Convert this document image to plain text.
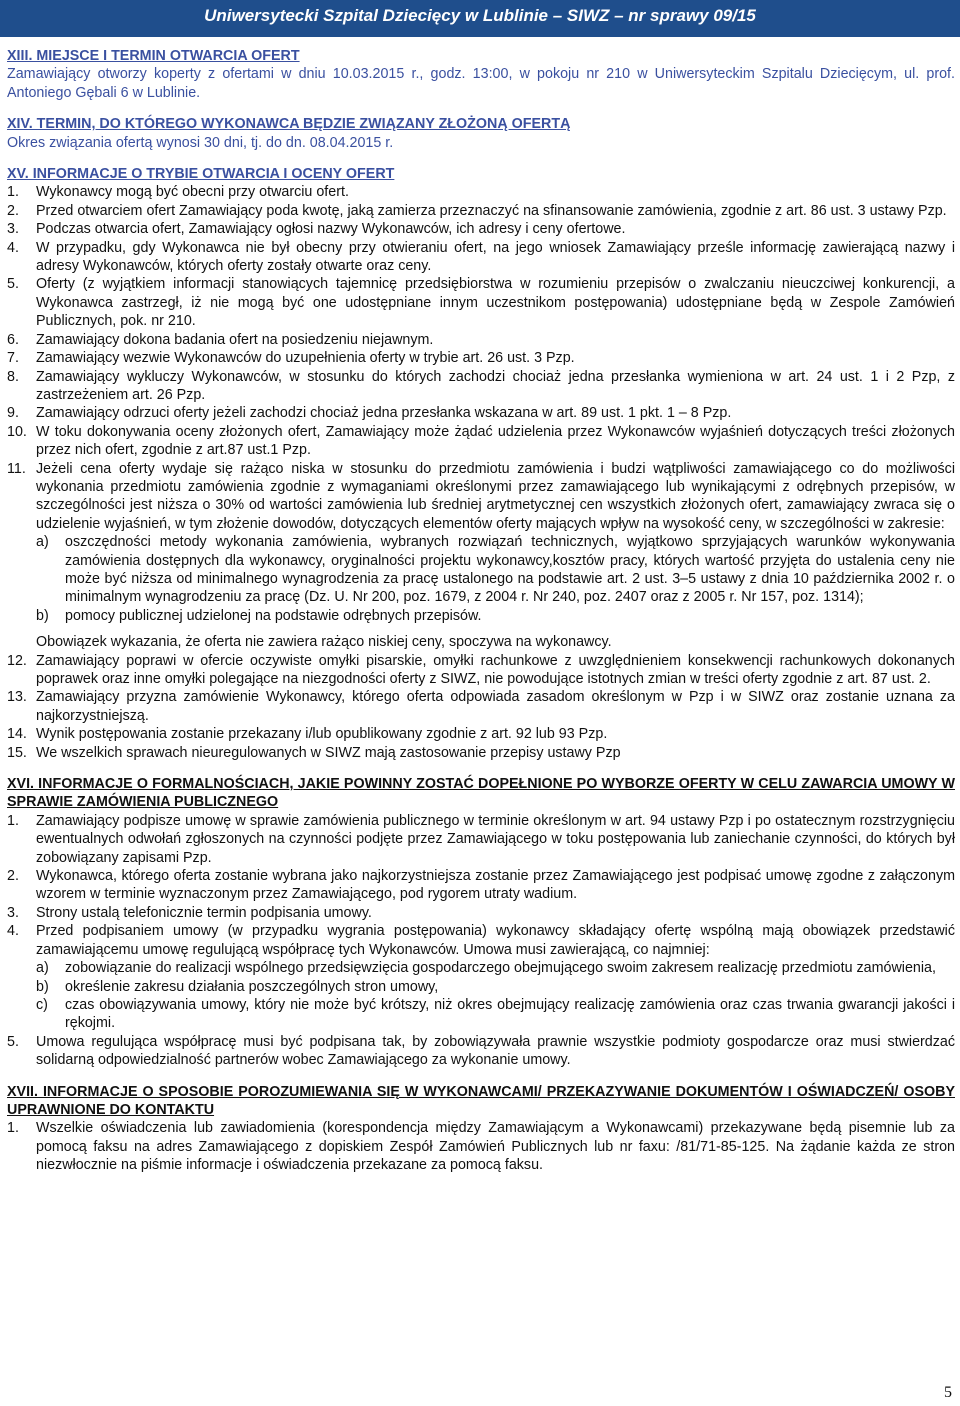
Uniwersytecki Szpital Dziecięcy w Lublinie – SIWZ – nr sprawy 09/15
XIII. MIEJSCE I TERMIN OTWARCIA OFERT

Zamawiający otworzy koperty z ofertami w dniu 10.03.2015 r., godz. 13:00, w pokoju nr 210 w Uniwersyteckim Szpitalu Dziecięcym, ul. prof. Antoniego Gębali 6 w Lublinie.

XIV. TERMIN, DO KTÓREGO WYKONAWCA BĘDZIE ZWIĄZANY ZŁOŻONĄ OFERTĄ

Okres związania ofertą wynosi 30 dni, tj. do dn. 08.04.2015 r.

XV. INFORMACJE O TRYBIE OTWARCIA I OCENY OFERT
1. Wykonawcy mogą być obecni przy otwarciu ofert.
2. Przed otwarciem ofert Zamawiający poda kwotę, jaką zamierza przeznaczyć na sfinansowanie zamówienia, zgodnie z art. 86 ust. 3 ustawy Pzp.
3. Podczas otwarcia ofert, Zamawiający ogłosi nazwy Wykonawców, ich adresy i ceny ofertowe.
4. W przypadku, gdy Wykonawca nie był obecny przy otwieraniu ofert, na jego wniosek Zamawiający prześle informację zawierającą nazwy i adresy Wykonawców, których oferty zostały otwarte oraz ceny.
5. Oferty (z wyjątkiem informacji stanowiących tajemnicę przedsiębiorstwa w rozumieniu przepisów o zwalczaniu nieuczciwej konkurencji, a Wykonawca zastrzegł, iż nie mogą być one udostępniane innym uczestnikom postępowania) udostępniane będą w Zespole Zamówień Publicznych, pok. nr 210.
6. Zamawiający dokona badania ofert na posiedzeniu niejawnym.
7. Zamawiający wezwie Wykonawców do uzupełnienia oferty w trybie art. 26 ust. 3 Pzp.
8. Zamawiający wykluczy Wykonawców, w stosunku do których zachodzi chociaż jedna przesłanka wymieniona w art. 24 ust. 1 i 2 Pzp, z zastrzeżeniem art. 26 Pzp.
9. Zamawiający odrzuci oferty jeżeli zachodzi chociaż jedna przesłanka wskazana w art. 89 ust. 1 pkt. 1 – 8 Pzp.
10. W toku dokonywania oceny złożonych ofert, Zamawiający może żądać udzielenia przez Wykonawców wyjaśnień dotyczących treści złożonych przez nich ofert, zgodnie z art.87 ust.1 Pzp.
11. Jeżeli cena oferty wydaje się rażąco niska w stosunku do przedmiotu zamówienia i budzi wątpliwości zamawiającego co do możliwości wykonania przedmiotu zamówienia zgodnie z wymaganiami określonymi przez zamawiającego lub wynikającymi z odrębnych przepisów, w szczególności jest niższa o 30% od wartości zamówienia lub średniej arytmetycznej cen wszystkich złożonych ofert, zamawiający zwraca się o udzielenie wyjaśnień, w tym złożenie dowodów, dotyczących elementów oferty mających wpływ na wysokość ceny, w szczególności w zakresie:
a) oszczędności metody wykonania zamówienia, wybranych rozwiązań technicznych, wyjątkowo sprzyjających warunków wykonywania zamówienia dostępnych dla wykonawcy, oryginalności projektu wykonawcy,kosztów pracy, których wartość przyjęta do ustalenia ceny nie może być niższa od minimalnego wynagrodzenia za pracę ustalonego na podstawie art. 2 ust. 3–5 ustawy z dnia 10 października 2002 r. o minimalnym wynagrodzeniu za pracę (Dz. U. Nr 200, poz. 1679, z 2004 r. Nr 240, poz. 2407 oraz z 2005 r. Nr 157, poz. 1314);
b) pomocy publicznej udzielonej na podstawie odrębnych przepisów.

Obowiązek wykazania, że oferta nie zawiera rażąco niskiej ceny, spoczywa na wykonawcy.

12. Zamawiający poprawi w ofercie oczywiste omyłki pisarskie, omyłki rachunkowe z uwzględnieniem konsekwencji rachunkowych dokonanych poprawek oraz inne omyłki polegające na niezgodności oferty z SIWZ, nie powodujące istotnych zmian w treści oferty zgodnie z art. 87 ust. 2.
13. Zamawiający przyzna zamówienie Wykonawcy, którego oferta odpowiada zasadom określonym w Pzp i w SIWZ oraz zostanie uznana za najkorzystniejszą.
14. Wynik postępowania zostanie przekazany i/lub opublikowany zgodnie z art. 92 lub 93 Pzp.
15. We wszelkich sprawach nieuregulowanych w SIWZ mają zastosowanie przepisy ustawy Pzp
XVI. INFORMACJE O FORMALNOŚCIACH, JAKIE POWINNY ZOSTAĆ DOPEŁNIONE PO WYBORZE OFERTY W CELU ZAWARCIA UMOWY W SPRAWIE ZAMÓWIENIA PUBLICZNEGO
1. Zamawiający podpisze umowę w sprawie zamówienia publicznego w terminie określonym w art. 94 ustawy Pzp i po ostatecznym rozstrzygnięciu ewentualnych odwołań zgłoszonych na czynności podjęte przez Zamawiającego w toku postępowania lub zaniechanie czynności, do których był zobowiązany zapisami Pzp.
2. Wykonawca, którego oferta zostanie wybrana jako najkorzystniejsza zostanie przez Zamawiającego jest podpisać umowę zgodne z załączonym wzorem w terminie wyznaczonym przez Zamawiającego, pod rygorem utraty wadium.
3. Strony ustalą telefonicznie termin podpisania umowy.
4. Przed podpisaniem umowy (w przypadku wygrania postępowania) wykonawcy składający ofertę wspólną mają obowiązek przedstawić zamawiającemu umowę regulującą współpracę tych Wykonawców. Umowa musi zawierającą, co najmniej:
a) zobowiązanie do realizacji wspólnego przedsięwzięcia gospodarczego obejmującego swoim zakresem realizację przedmiotu zamówienia,
b) określenie zakresu działania poszczególnych stron umowy,
c) czas obowiązywania umowy, który nie może być krótszy, niż okres obejmujący realizację zamówienia oraz czas trwania gwarancji jakości i rękojmi.
5. Umowa regulująca współpracę musi być podpisana tak, by zobowiązywała prawnie wszystkie podmioty gospodarcze oraz musi stwierdzać solidarną odpowiedzialność partnerów wobec Zamawiającego za wykonanie umowy.
XVII. INFORMACJE O SPOSOBIE POROZUMIEWANIA SIĘ W WYKONAWCAMI/ PRZEKAZYWANIE DOKUMENTÓW I OŚWIADCZEŃ/ OSOBY UPRAWNIONE DO KONTAKTU
1. Wszelkie oświadczenia lub zawiadomienia (korespondencja między Zamawiającym a Wykonawcami) przekazywane będą pisemnie lub za pomocą faksu na adres Zamawiającego z dopiskiem Zespół Zamówień Publicznych lub nr faxu: /81/71-85-125. Na żądanie każda ze stron niezwłocznie na piśmie informacje i oświadczenia przekazane za pomocą faksu.
5
